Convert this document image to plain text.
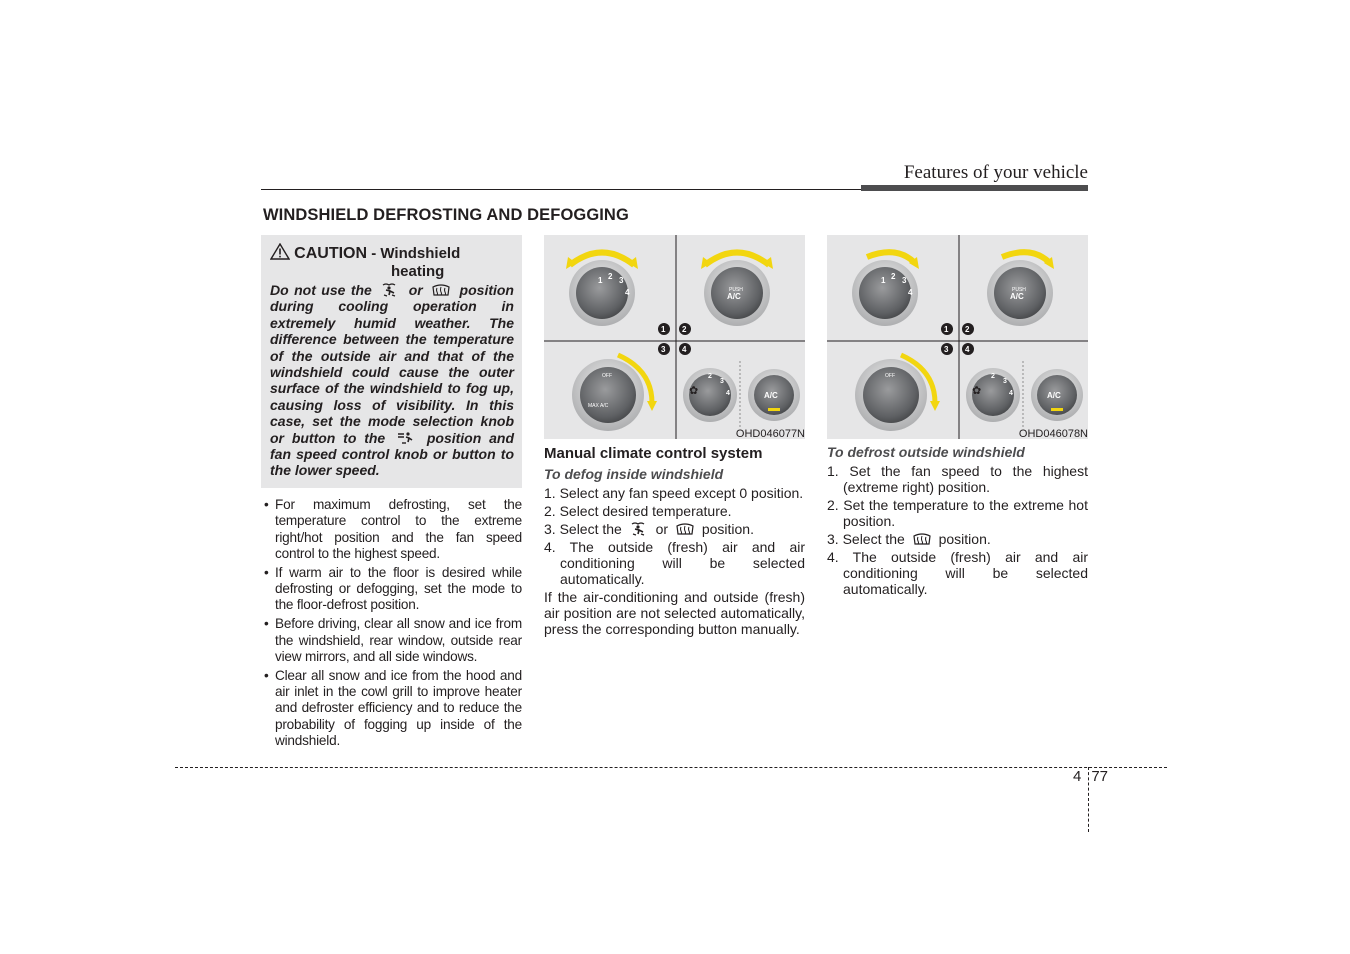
Features of your vehicle
WINDSHIELD DEFROSTING AND DEFOGGING
CAUTION - Windshield
heating
Do not use the  or  position during cooling operation in extremely humid weather. The difference between the temperature of the outside air and that of the windshield could cause the outer surface of the windshield to fog up, causing loss of visibility. In this case, set the mode selection knob or button to the  position and fan speed control knob or button to the lower speed.
• For maximum defrosting, set the temperature control to the extreme right/hot position and the fan speed control to the highest speed.
• If warm air to the floor is desired while defrosting or defogging, set the mode to the floor-defrost position.
• Before driving, clear all snow and ice from the windshield, rear window, outside rear view mirrors, and all side windows.
• Clear all snow and ice from the hood and air inlet in the cowl grill to improve heater and defroster efficiency and to reduce the probability of fogging up inside of the windshield.
1 2 3
4	PUSH
A/C
1 2
3 4
OFF
MAX A/C
2
3
4
✿	A/C
OHD046077N
1 2 3
4	PUSH
A/C
1 2
3 4
OFF	2
3
4
✿	A/C
OHD046078N
Manual climate control system
To defog inside windshield
1. Select any fan speed except 0 position.
2. Select desired temperature.
3. Select the  or  position.
4. The outside (fresh) air and air conditioning will be selected automatically.
If the air-conditioning and outside (fresh) air position are not selected automatically, press the corresponding button manually.
To defrost outside windshield
1. Set the fan speed to the highest (extreme right) position.
2. Set the temperature to the extreme hot position.
3. Select the  position.
4. The outside (fresh) air and air conditioning will be selected automatically.
4 77
